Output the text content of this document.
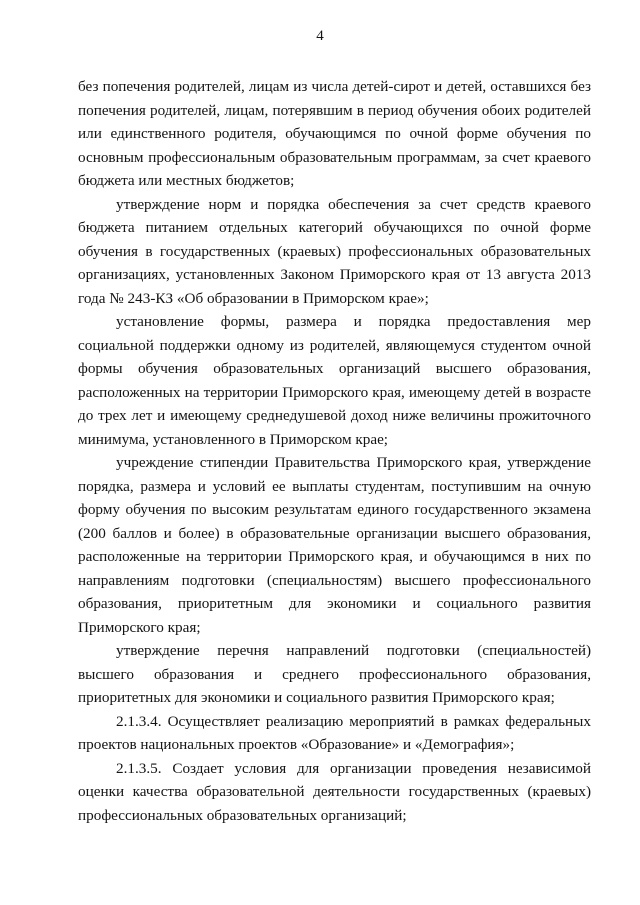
4

без попечения родителей, лицам из числа детей-сирот и детей, оставшихся без попечения родителей, лицам, потерявшим в период обучения обоих родителей или единственного родителя, обучающимся по очной форме обучения по основным профессиональным образовательным программам, за счет краевого бюджета или местных бюджетов;

утверждение норм и порядка обеспечения за счет средств краевого бюджета питанием отдельных категорий обучающихся по очной форме обучения в государственных (краевых) профессиональных образовательных организациях, установленных Законом Приморского края от 13 августа 2013 года № 243-КЗ «Об образовании в Приморском крае»;

установление формы, размера и порядка предоставления мер социальной поддержки одному из родителей, являющемуся студентом очной формы обучения образовательных организаций высшего образования, расположенных на территории Приморского края, имеющему детей в возрасте до трех лет и имеющему среднедушевой доход ниже величины прожиточного минимума, установленного в Приморском крае;

учреждение стипендии Правительства Приморского края, утверждение порядка, размера и условий ее выплаты студентам, поступившим на очную форму обучения по высоким результатам единого государственного экзамена (200 баллов и более) в образовательные организации высшего образования, расположенные на территории Приморского края, и обучающимся в них по направлениям подготовки (специальностям) высшего профессионального образования, приоритетным для экономики и социального развития Приморского края;

утверждение перечня направлений подготовки (специальностей) высшего образования и среднего профессионального образования, приоритетных для экономики и социального развития Приморского края;

2.1.3.4. Осуществляет реализацию мероприятий в рамках федеральных проектов национальных проектов «Образование» и «Демография»;

2.1.3.5. Создает условия для организации проведения независимой оценки качества образовательной деятельности государственных (краевых) профессиональных образовательных организаций;
